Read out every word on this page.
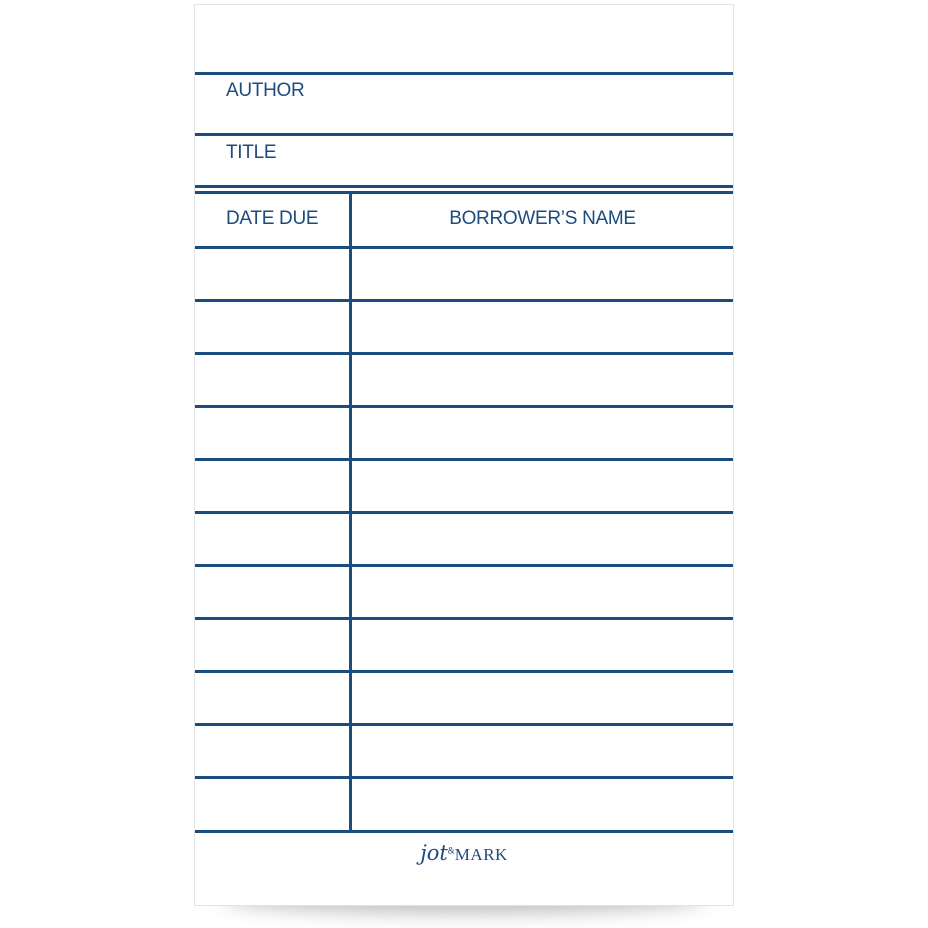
AUTHOR
TITLE
DATE DUE	BORROWER’S NAME
jot&MARK
